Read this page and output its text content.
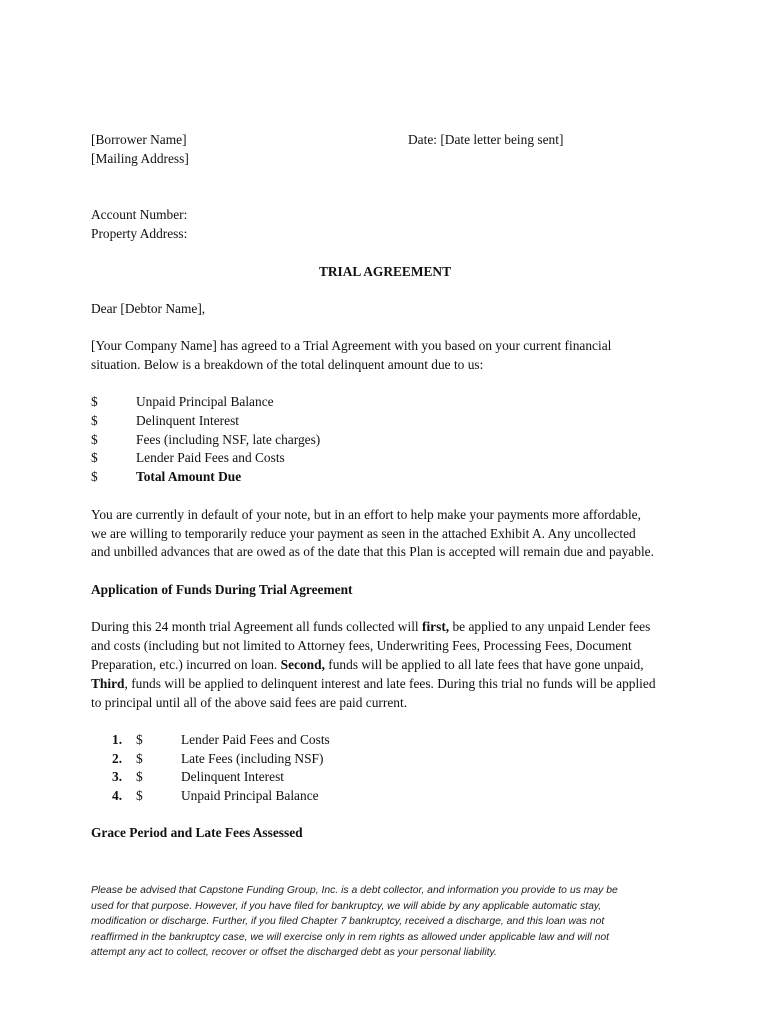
[Borrower Name]
[Mailing Address]
Date: [Date letter being sent]
Account Number:
Property Address:
TRIAL AGREEMENT
Dear [Debtor Name],
[Your Company Name] has agreed to a Trial Agreement with you based on your current financial
situation. Below is a breakdown of the total delinquent amount due to us:
$	Unpaid Principal Balance
$	Delinquent Interest
$	Fees (including NSF, late charges)
$	Lender Paid Fees and Costs
$	Total Amount Due
You are currently in default of your note, but in an effort to help make your payments more affordable,
we are willing to temporarily reduce your payment as seen in the attached Exhibit A. Any uncollected
and unbilled advances that are owed as of the date that this Plan is accepted will remain due and payable.
Application of Funds During Trial Agreement
During this 24 month trial Agreement all funds collected will first, be applied to any unpaid Lender fees
and costs (including but not limited to Attorney fees, Underwriting Fees, Processing Fees, Document
Preparation, etc.) incurred on loan. Second, funds will be applied to all late fees that have gone unpaid,
Third, funds will be applied to delinquent interest and late fees. During this trial no funds will be applied
to principal until all of the above said fees are paid current.
1. $	Lender Paid Fees and Costs
2. $	Late Fees (including NSF)
3. $	Delinquent Interest
4. $	Unpaid Principal Balance
Grace Period and Late Fees Assessed
Please be advised that Capstone Funding Group, Inc. is a debt collector, and information you provide to us may be
used for that purpose. However, if you have filed for bankruptcy, we will abide by any applicable automatic stay,
modification or discharge. Further, if you filed Chapter 7 bankruptcy, received a discharge, and this loan was not
reaffirmed in the bankruptcy case, we will exercise only in rem rights as allowed under applicable law and will not
attempt any act to collect, recover or offset the discharged debt as your personal liability.
